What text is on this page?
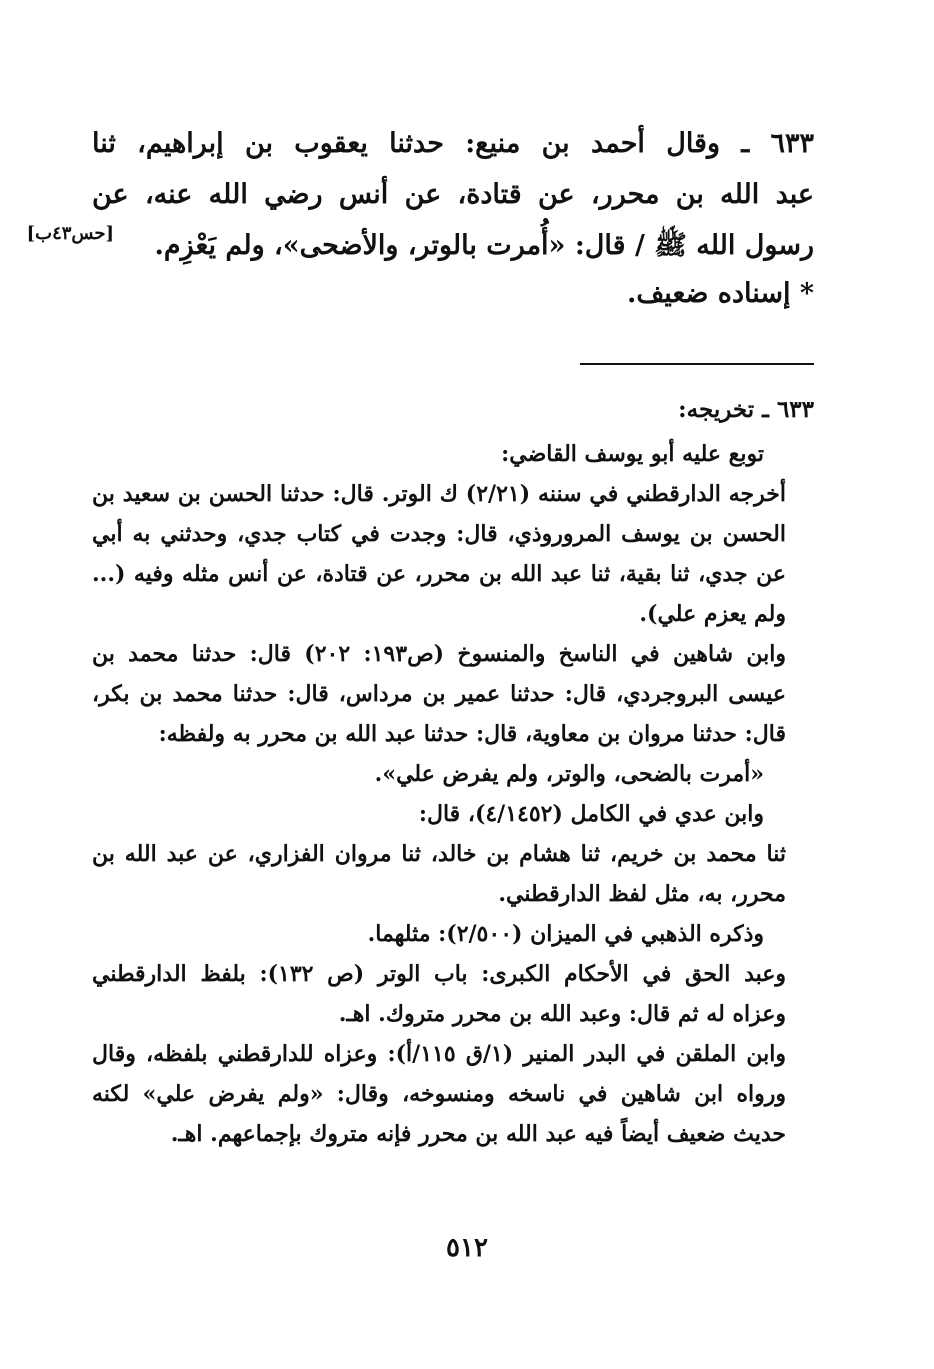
٦٣٣ ـ وقال أحمد بن منيع: حدثنا يعقوب بن إبراهيم، ثنا

عبد الله بن محرر، عن قتادة، عن أنس رضي الله عنه، عن

رسول الله ﷺ / قال: «أُمرت بالوتر، والأضحى»، ولم يَعْزِم.

[حس٤٣ب]
* إسناده ضعيف.

٦٣٣ ـ تخريجه:

توبع عليه أبو يوسف القاضي:

أخرجه الدارقطني في سننه (٢/٢١) ك الوتر. قال: حدثنا الحسن بن سعيد بن الحسن بن يوسف المروروذي، قال: وجدت في كتاب جدي، وحدثني به أبي عن جدي، ثنا بقية، ثنا عبد الله بن محرر، عن قتادة، عن أنس مثله وفيه (... ولم يعزم علي).

وابن شاهين في الناسخ والمنسوخ (ص١٩٣: ٢٠٢) قال: حدثنا محمد بن عيسى البروجردي، قال: حدثنا عمير بن مرداس، قال: حدثنا محمد بن بكر، قال: حدثنا مروان بن معاوية، قال: حدثنا عبد الله بن محرر به ولفظه:

«أمرت بالضحى، والوتر، ولم يفرض علي».

وابن عدي في الكامل (٤/١٤٥٢)، قال:

ثنا محمد بن خريم، ثنا هشام بن خالد، ثنا مروان الفزاري، عن عبد الله بن محرر، به، مثل لفظ الدارقطني.

وذكره الذهبي في الميزان (٢/٥٠٠): مثلهما.

وعبد الحق في الأحكام الكبرى: باب الوتر (ص ١٣٢): بلفظ الدارقطني وعزاه له ثم قال: وعبد الله بن محرر متروك. اهـ.

وابن الملقن في البدر المنير (١/ق ١١٥/أ): وعزاه للدارقطني بلفظه، وقال ورواه ابن شاهين في ناسخه ومنسوخه، وقال: «ولم يفرض علي» لكنه حديث ضعيف أيضاً فيه عبد الله بن محرر فإنه متروك بإجماعهم. اهـ.

٥١٢
